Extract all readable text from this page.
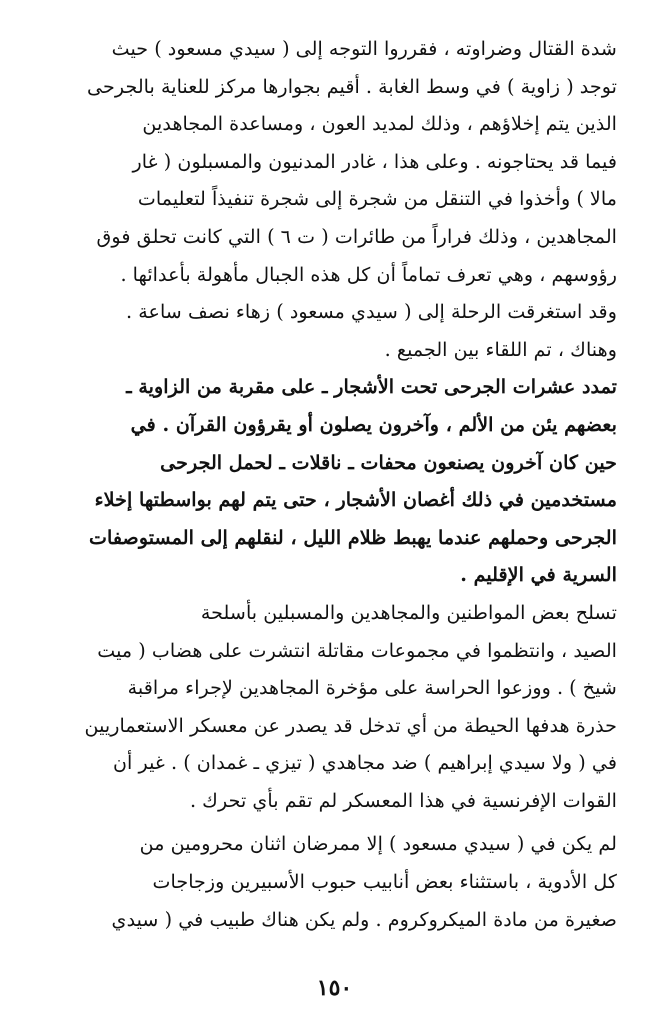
شدة القتال وضراوته ، فقرروا التوجه إلى ( سيدي مسعود ) حيث
توجد ( زاوية ) في وسط الغابة . أقيم بجوارها مركز للعناية بالجرحى
الذين يتم إخلاؤهم ، وذلك لمديد العون ، ومساعدة المجاهدين
فيما قد يحتاجونه . وعلى هذا ، غادر المدنيون والمسبلون ( غار
مالا ) وأخذوا في التنقل من شجرة إلى شجرة تنفيذاً لتعليمات
المجاهدين ، وذلك فراراً من طائرات ( ت ٦ ) التي كانت تحلق فوق
رؤوسهم ، وهي تعرف تماماً أن كل هذه الجبال مأهولة بأعدائها .
وقد استغرقت الرحلة إلى ( سيدي مسعود ) زهاء نصف ساعة .
وهناك ، تم اللقاء بين الجميع .

تمدد عشرات الجرحى تحت الأشجار ـ على مقربة من الزاوية ـ
بعضهم يئن من الألم ، وآخرون يصلون أو يقرؤون القرآن . في
حين كان آخرون يصنعون محفات ـ ناقلات ـ لحمل الجرحى
مستخدمين في ذلك أغصان الأشجار ، حتى يتم لهم بواسطتها إخلاء
الجرحى وحملهم عندما يهبط ظلام الليل ، لنقلهم إلى المستوصفات
السرية في الإقليم .

تسلح بعض المواطنين والمجاهدين والمسبلين بأسلحة
الصيد ، وانتظموا في مجموعات مقاتلة انتشرت على هضاب ( ميت
شيخ ) . ووزعوا الحراسة على مؤخرة المجاهدين لإجراء مراقبة
حذرة هدفها الحيطة من أي تدخل قد يصدر عن معسكر الاستعماريين
في ( ولا سيدي إبراهيم ) ضد مجاهدي ( تيزي ـ غمدان ) . غير أن
القوات الإفرنسية في هذا المعسكر لم تقم بأي تحرك .

لم يكن في ( سيدي مسعود ) إلا ممرضان اثنان محرومين من
كل الأدوية ، باستثناء بعض أنابيب حبوب الأسبيرين وزجاجات
صغيرة من مادة الميكروكروم . ولم يكن هناك طبيب في ( سيدي

١٥٠
